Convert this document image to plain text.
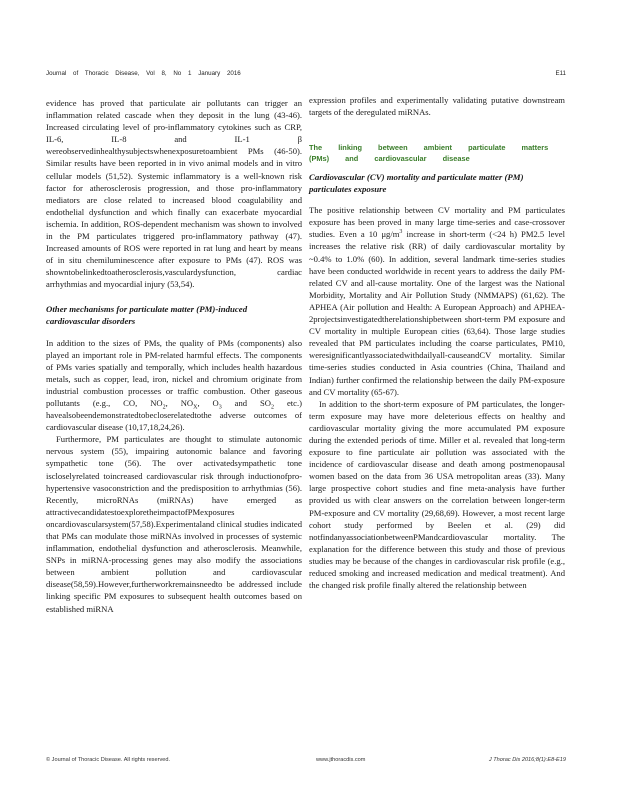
Journal of Thoracic Disease, Vol 8, No 1 January 2016	E11

evidence has proved that particulate air pollutants can trigger an inflammation related cascade when they deposit in the lung (43-46). Increased circulating level of pro-inflammatory cytokines such as CRP, IL-6, IL-8 and IL-1 β wereobservedinhealthysubjectswhenexposuretoambient PMs (46-50). Similar results have been reported in in vivo animal models and in vitro cellular models (51,52). Systemic inflammatory is a well-known risk factor for atherosclerosis progression, and those pro-inflammatory mediators are close related to increased blood coagulability and endothelial dysfunction and which finally can exacerbate myocardial ischemia. In addition, ROS-dependent mechanism was shown to involved in the PM particulates triggered pro-inflammatory pathway (47). Increased amounts of ROS were reported in rat lung and heart by means of in situ chemiluminescence after exposure to PMs (47). ROS was showntobelinkedtoatherosclerosis,vasculardysfunction, cardiac arrhythmias and myocardial injury (53,54).

Other mechanisms for particulate matter (PM)-induced cardiovascular disorders

In addition to the sizes of PMs, the quality of PMs (components) also played an important role in PM-related harmful effects. The components of PMs varies spatially and temporally, which includes health hazardous metals, such as copper, lead, iron, nickel and chromium originate from industrial combustion processes or traffic combustion. Other gaseous pollutants (e.g., CO, $NO_2$, $NO_X$, $O_3$ and $SO_2$ etc.) havealsobeendemonstratedtobecloserelatedtothe adverse outcomes of cardiovascular disease (10,17,18,24,26).

Furthermore, PM particulates are thought to stimulate autonomic nervous system (55), impairing autonomic balance and favoring sympathetic tone (56). The over activatedsympathetic tone iscloselyrelated toincreased cardiovascular risk through inductionofpro-hypertensive vasoconstriction and the predisposition to arrhythmias (56). Recently, microRNAs (miRNAs) have emerged as attractivecandidatestoexploretheimpactofPMexposures oncardiovascularsystem(57,58).Experimentaland clinical studies indicated that PMs can modulate those miRNAs involved in processes of systemic inflammation, endothelial dysfunction and atherosclerosis. Meanwhile, SNPs in miRNA-processing genes may also modify the associations between ambient pollution and cardiovascular disease(58,59).However,furtherworkremainsneedto be addressed include linking specific PM exposures to subsequent health outcomes based on established miRNA

expression profiles and experimentally validating putative downstream targets of the deregulated miRNAs.

The linking between ambient particulate matters (PMs) and cardiovascular disease
Cardiovascular (CV) mortality and particulate matter (PM) particulates exposure

The positive relationship between CV mortality and PM particulates exposure has been proved in many large time-series and case-crossover studies. Even a 10 $\mu g/m^3$ increase in short-term (<24 h) PM2.5 level increases the relative risk (RR) of daily cardiovascular mortality by ~0.4% to 1.0% (60). In addition, several landmark time-series studies have been conducted worldwide in recent years to address the daily PM-related CV and all-cause mortality. One of the largest was the National Morbidity, Mortality and Air Pollution Study (NMMAPS) (61,62). The APHEA (Air pollution and Health: A European Approach) and APHEA-2projectsinvestigatedtherelationshipbetween short-term PM exposure and CV mortality in multiple European cities (63,64). Those large studies revealed that PM particulates including the coarse particulates, PM10, weresignificantlyassociatedwithdailyall-causeandCV mortality. Similar time-series studies conducted in Asia countries (China, Thailand and Indian) further confirmed the relationship between the daily PM-exposure and CV mortality (65-67).

In addition to the short-term exposure of PM particulates, the longer-term exposure may have more deleterious effects on healthy and cardiovascular mortality giving the more accumulated PM exposure during the extended periods of time. Miller et al. revealed that long-term exposure to fine particulate air pollution was associated with the incidence of cardiovascular disease and death among postmenopausal women based on the data from 36 USA metropolitan areas (33). Many large prospective cohort studies and fine meta-analysis have further provided us with clear answers on the correlation between longer-term PM-exposure and CV mortality (29,68,69). However, a most recent large cohort study performed by Beelen et al. (29) did notfindanyassociationbetweenPMandcardiovascular mortality. The explanation for the difference between this study and those of previous studies may be because of the changes in cardiovascular risk profile (e.g., reduced smoking and increased medication and medical treatment). And the changed risk profile finally altered the relationship between

© Journal of Thoracic Disease. All rights reserved.	www.jthoracdis.com	J Thorac Dis 2016;8(1):E8-E19
